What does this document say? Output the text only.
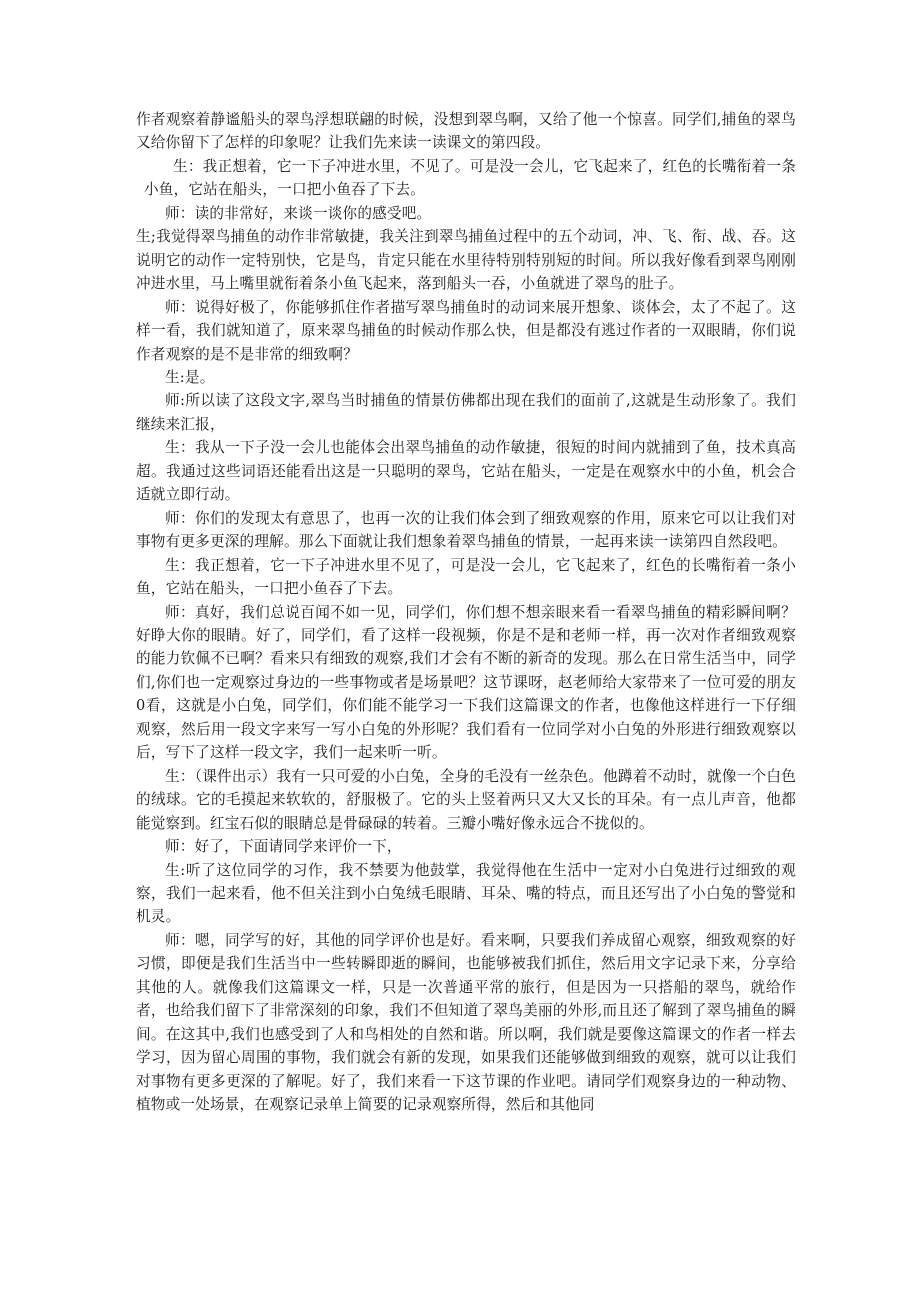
作者观察着静谧船头的翠鸟浮想联翩的时候，没想到翠鸟啊，又给了他一个惊喜。同学们,捕鱼的翠鸟又给你留下了怎样的印象呢？让我们先来读一读课文的第四段。

生：我正想着，它一下子冲进水里，不见了。可是没一会儿，它飞起来了，红色的长嘴衔着一条小鱼，它站在船头，一口把小鱼吞了下去。

师：读的非常好，来谈一谈你的感受吧。

生;我觉得翠鸟捕鱼的动作非常敏捷，我关注到翠鸟捕鱼过程中的五个动词，冲、飞、衔、战、吞。这说明它的动作一定特别快，它是鸟，肯定只能在水里待特别特别短的时间。所以我好像看到翠鸟刚刚冲进水里，马上嘴里就衔着条小鱼飞起来，落到船头一吞，小鱼就进了翠鸟的肚子。

师：说得好极了，你能够抓住作者描写翠鸟捕鱼时的动词来展开想象、谈体会，太了不起了。这样一看，我们就知道了，原来翠鸟捕鱼的时候动作那么快，但是都没有逃过作者的一双眼睛，你们说作者观察的是不是非常的细致啊？

生:是。

师:所以读了这段文字,翠鸟当时捕鱼的情景仿佛都出现在我们的面前了,这就是生动形象了。我们继续来汇报，

生：我从一下子没一会儿也能体会出翠鸟捕鱼的动作敏捷，很短的时间内就捕到了鱼，技术真高超。我通过这些词语还能看出这是一只聪明的翠鸟，它站在船头，一定是在观察水中的小鱼，机会合适就立即行动。

师：你们的发现太有意思了，也再一次的让我们体会到了细致观察的作用，原来它可以让我们对事物有更多更深的理解。那么下面就让我们想象着翠鸟捕鱼的情景，一起再来读一读第四自然段吧。

生：我正想着，它一下子冲进水里不见了，可是没一会儿，它飞起来了，红色的长嘴衔着一条小鱼，它站在船头，一口把小鱼吞了下去。

师：真好，我们总说百闻不如一见，同学们，你们想不想亲眼来看一看翠鸟捕鱼的精彩瞬间啊？好睁大你的眼睛。好了，同学们，看了这样一段视频，你是不是和老师一样，再一次对作者细致观察的能力钦佩不已啊？看来只有细致的观察,我们才会有不断的新奇的发现。那么在日常生活当中，同学们,你们也一定观察过身边的一些事物或者是场景吧？这节课呀，赵老师给大家带来了一位可爱的朋友0看，这就是小白兔，同学们，你们能不能学习一下我们这篇课文的作者，也像他这样进行一下仔细观察，然后用一段文字来写一写小白兔的外形呢？我们看有一位同学对小白兔的外形进行细致观察以后，写下了这样一段文字，我们一起来听一听。

生：（课件出示）我有一只可爱的小白兔，全身的毛没有一丝杂色。他蹲着不动时，就像一个白色的绒球。它的毛摸起来软软的，舒服极了。它的头上竖着两只又大又长的耳朵。有一点儿声音，他都能觉察到。红宝石似的眼睛总是骨碌碌的转着。三瓣小嘴好像永远合不拢似的。

师：好了，下面请同学来评价一下，

生:听了这位同学的习作，我不禁要为他鼓掌，我觉得他在生活中一定对小白兔进行过细致的观察，我们一起来看，他不但关注到小白兔绒毛眼睛、耳朵、嘴的特点，而且还写出了小白兔的警觉和机灵。

师：嗯，同学写的好，其他的同学评价也是好。看来啊，只要我们养成留心观察，细致观察的好习惯，即便是我们生活当中一些转瞬即逝的瞬间，也能够被我们抓住，然后用文字记录下来，分享给其他的人。就像我们这篇课文一样，只是一次普通平常的旅行，但是因为一只搭船的翠鸟，就给作者，也给我们留下了非常深刻的印象，我们不但知道了翠鸟美丽的外形,而且还了解到了翠鸟捕鱼的瞬间。在这其中,我们也感受到了人和鸟相处的自然和谐。所以啊，我们就是要像这篇课文的作者一样去学习，因为留心周围的事物，我们就会有新的发现，如果我们还能够做到细致的观察，就可以让我们对事物有更多更深的了解呢。好了，我们来看一下这节课的作业吧。请同学们观察身边的一种动物、植物或一处场景，在观察记录单上简要的记录观察所得，然后和其他同
